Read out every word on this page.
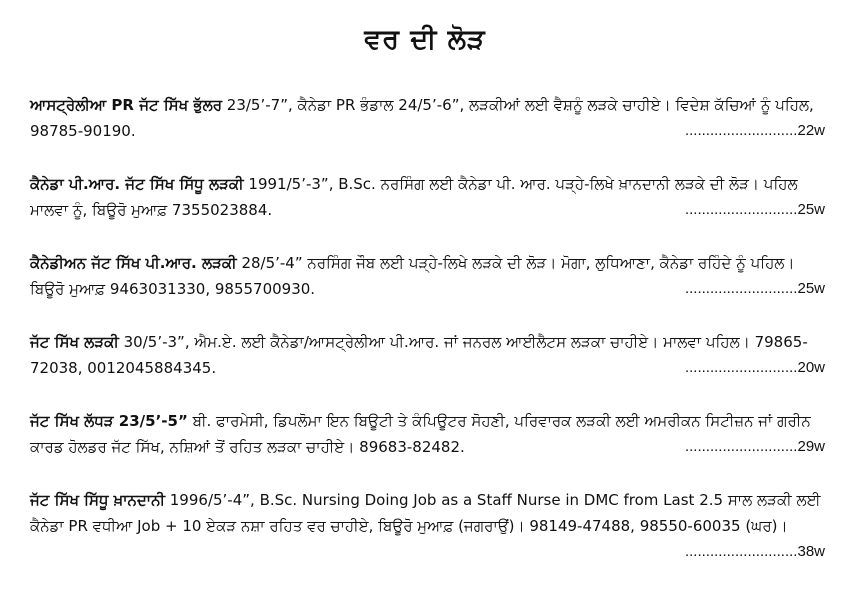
ਵਰ ਦੀ ਲੋੜ

ਆਸਟ੍ਰੇਲੀਆ PR ਜੱਟ ਸਿੱਖ ਭੁੱਲਰ 23/5’-7”, ਕੈਨੇਡਾ PR ਭੰਡਾਲ 24/5’-6”, ਲੜਕੀਆਂ ਲਈ ਵੈਸ਼ਨੂੰ ਲੜਕੇ ਚਾਹੀਏ। ਵਿਦੇਸ਼ ਕੱਚਿਆਂ ਨੂੰ ਪਹਿਲ, 98785-90190.	...........................22w

ਕੈਨੇਡਾ ਪੀ.ਆਰ. ਜੱਟ ਸਿੱਖ ਸਿੱਧੂ ਲੜਕੀ 1991/5’-3”, B.Sc. ਨਰਸਿੰਗ ਲਈ ਕੈਨੇਡਾ ਪੀ. ਆਰ. ਪੜ੍ਹੇ-ਲਿਖੇ ਖ਼ਾਨਦਾਨੀ ਲੜਕੇ ਦੀ ਲੋੜ। ਪਹਿਲ ਮਾਲਵਾ ਨੂੰ, ਬਿਊਰੋ ਮੁਆਫ਼ 7355023884.	...........................25w

ਕੈਨੇਡੀਅਨ ਜੱਟ ਸਿੱਖ ਪੀ.ਆਰ. ਲੜਕੀ 28/5’-4” ਨਰਸਿੰਗ ਜੌਬ ਲਈ ਪੜ੍ਹੇ-ਲਿਖੇ ਲੜਕੇ ਦੀ ਲੋੜ। ਮੋਗਾ, ਲੁਧਿਆਣਾ, ਕੈਨੇਡਾ ਰਹਿੰਦੇ ਨੂੰ ਪਹਿਲ। ਬਿਊਰੋ ਮੁਆਫ਼ 9463031330, 9855700930.	...........................25w

ਜੱਟ ਸਿੱਖ ਲੜਕੀ 30/5’-3”, ਐਮ.ਏ. ਲਈ ਕੈਨੇਡਾ/ਆਸਟ੍ਰੇਲੀਆ ਪੀ.ਆਰ. ਜਾਂ ਜਨਰਲ ਆਈਲੈਟਸ ਲੜਕਾ ਚਾਹੀਏ। ਮਾਲਵਾ ਪਹਿਲ। 79865-72038, 0012045884345.	...........................20w

ਜੱਟ ਸਿੱਖ ਲੱਧੜ 23/5’-5” ਬੀ. ਫਾਰਮੇਸੀ, ਡਿਪਲੋਮਾ ਇਨ ਬਿਊਟੀ ਤੇ ਕੰਪਿਊਟਰ ਸੋਹਣੀ, ਪਰਿਵਾਰਕ ਲੜਕੀ ਲਈ ਅਮਰੀਕਨ ਸਿਟੀਜ਼ਨ ਜਾਂ ਗਰੀਨ ਕਾਰਡ ਹੋਲਡਰ ਜੱਟ ਸਿੱਖ, ਨਸ਼ਿਆਂ ਤੋਂ ਰਹਿਤ ਲੜਕਾ ਚਾਹੀਏ। 89683-82482.	...........................29w

ਜੱਟ ਸਿੱਖ ਸਿੱਧੂ ਖ਼ਾਨਦਾਨੀ 1996/5’-4”, B.Sc. Nursing Doing Job as a Staff Nurse in DMC from Last 2.5 ਸਾਲ ਲੜਕੀ ਲਈ ਕੈਨੇਡਾ PR ਵਧੀਆ Job + 10 ਏਕੜ ਨਸ਼ਾ ਰਹਿਤ ਵਰ ਚਾਹੀਏ, ਬਿਊਰੋ ਮੁਆਫ਼ (ਜਗਰਾਉਂ)। 98149-47488, 98550-60035 (ਘਰ)।

...........................38w
